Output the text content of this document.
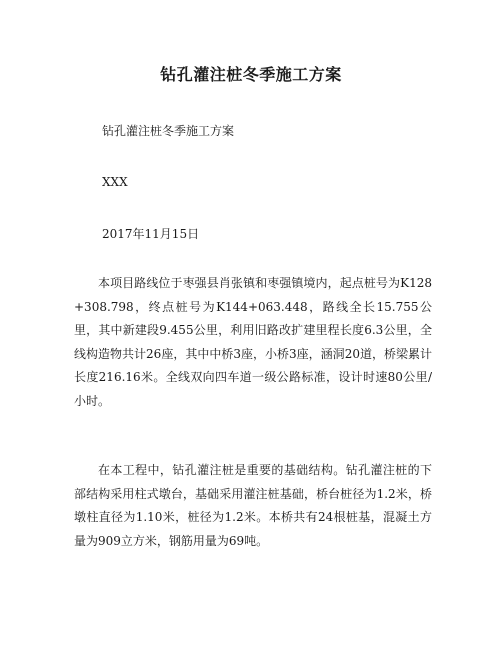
钻孔灌注桩冬季施工方案
钻孔灌注桩冬季施工方案
XXX
2017年11月15日
本项目路线位于枣强县肖张镇和枣强镇境内，起点桩号为K128+308.798，终点桩号为K144+063.448，路线全长15.755公里，其中新建段9.455公里，利用旧路改扩建里程长度6.3公里，全线构造物共计26座，其中中桥3座，小桥3座，涵洞20道，桥梁累计长度216.16米。全线双向四车道一级公路标准，设计时速80公里/小时。
在本工程中，钻孔灌注桩是重要的基础结构。钻孔灌注桩的下部结构采用柱式墩台，基础采用灌注桩基础，桥台桩径为1.2米，桥墩柱直径为1.10米，桩径为1.2米。本桥共有24根桩基，混凝土方量为909立方米，钢筋用量为69吨。
